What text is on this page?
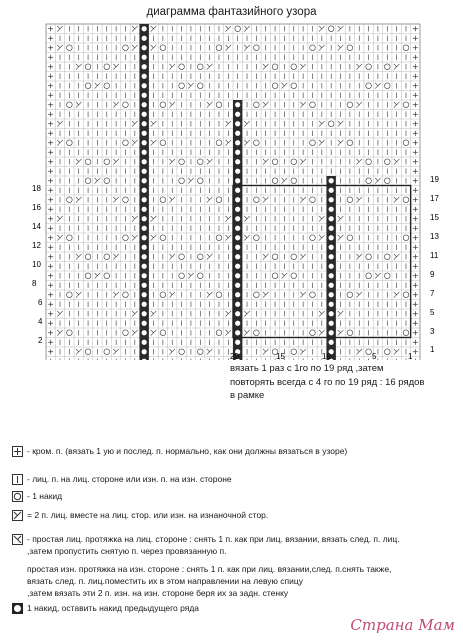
диаграмма фантазийного узора
19
17
15
13
11
9
7
5
3
1
18
16
14
12
10
8
6
4
2
20	15	10	5	1
вязать 1 раз с 1го по 19 ряд ,затем
повторять всегда с 4 го по 19 ряд : 16 рядов
в рамке
- кром. п. (вязать 1 ую и послед. п. нормально, как они должны вязаться в узоре)
- лиц. п. на лиц. стороне или изн. п. на изн. стороне
- 1 накид
= 2 п. лиц. вместе на лиц. стор. или изн. на изнаночной стор.
- простая лиц. протяжка на лиц. стороне : снять 1 п. как при лиц. вязании, вязать след. п. лиц.
,затем пропустить снятую п. через провязанную п.
простая изн. протяжка на изн. стороне : снять 1 п. как при лиц. вязании,след. п.снять также,
вязать след. п. лиц.поместить их в этом направлении на левую спицу
,затем вязать эти 2 п. изн. на изн. стороне беря их за задн. стенку
1 накид, оставить накид предыдущего ряда
Страна Мам
